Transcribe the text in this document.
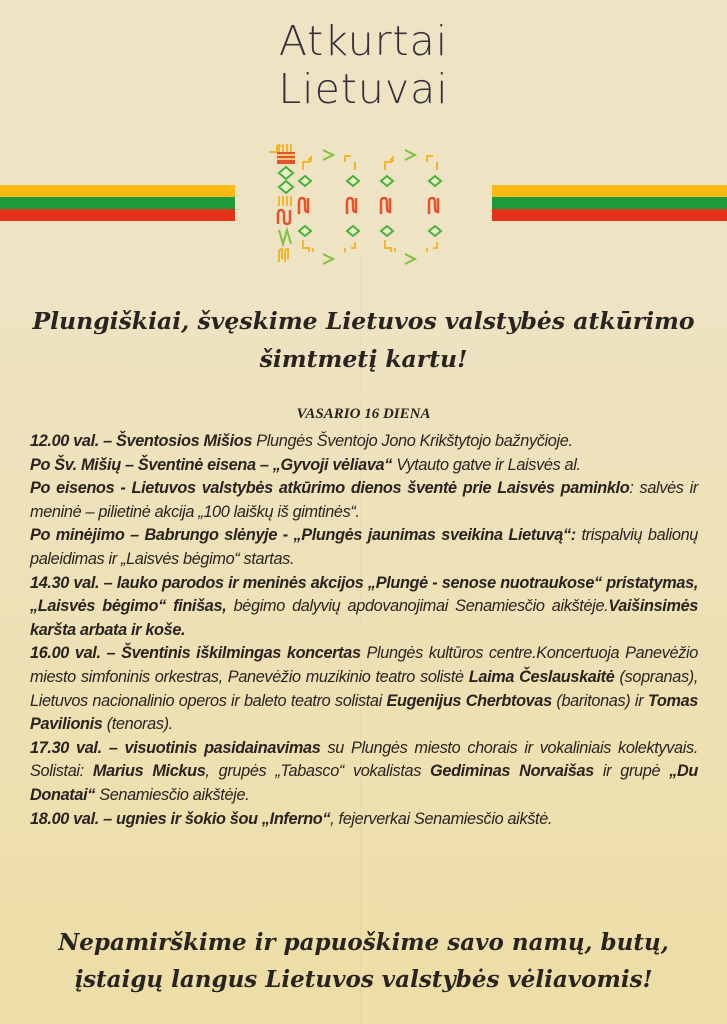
Atkurtai
Lietuvai
Plungiškiai, švęskime Lietuvos valstybės atkūrimo
šimtmetį kartu!
VASARIO 16 DIENA

12.00 val. – Šventosios Mišios Plungės Šventojo Jono Krikštytojo bažnyčioje.

Po Šv. Mišių – Šventinė eisena – „Gyvoji vėliava“ Vytauto gatve ir Laisvės al.

Po eisenos - Lietuvos valstybės atkūrimo dienos šventė prie Laisvės paminklo: salvės ir meninė – pilietinė akcija „100 laiškų iš gimtinės“.

Po minėjimo – Babrungo slėnyje - „Plungės jaunimas sveikina Lietuvą“: trispalvių balionų paleidimas ir „Laisvės bėgimo“ startas.

14.30 val. – lauko parodos ir meninės akcijos „Plungė - senose nuotraukose“ pristatymas, „Laisvės bėgimo“ finišas, bėgimo dalyvių apdovanojimai Senamiesčio aikštėje.Vaišinsimės karšta arbata ir koše.

16.00 val. – Šventinis iškilmingas koncertas Plungės kultūros centre.Koncertuoja Panevėžio miesto simfoninis orkestras, Panevėžio muzikinio teatro solistė Laima Česlauskaitė (sopranas), Lietuvos nacionalinio operos ir baleto teatro solistai Eugenijus Cherbtovas (baritonas) ir Tomas Pavilionis (tenoras).

17.30 val. – visuotinis pasidainavimas su Plungės miesto chorais ir vokaliniais kolektyvais. Solistai: Marius Mickus, grupės „Tabasco“ vokalistas Gediminas Norvaišas ir grupė „Du Donatai“ Senamiesčio aikštėje.

18.00 val. – ugnies ir šokio šou „Inferno“, fejerverkai Senamiesčio aikštė.

Nepamirškime ir papuoškime savo namų, butų,
įstaigų langus Lietuvos valstybės vėliavomis!
